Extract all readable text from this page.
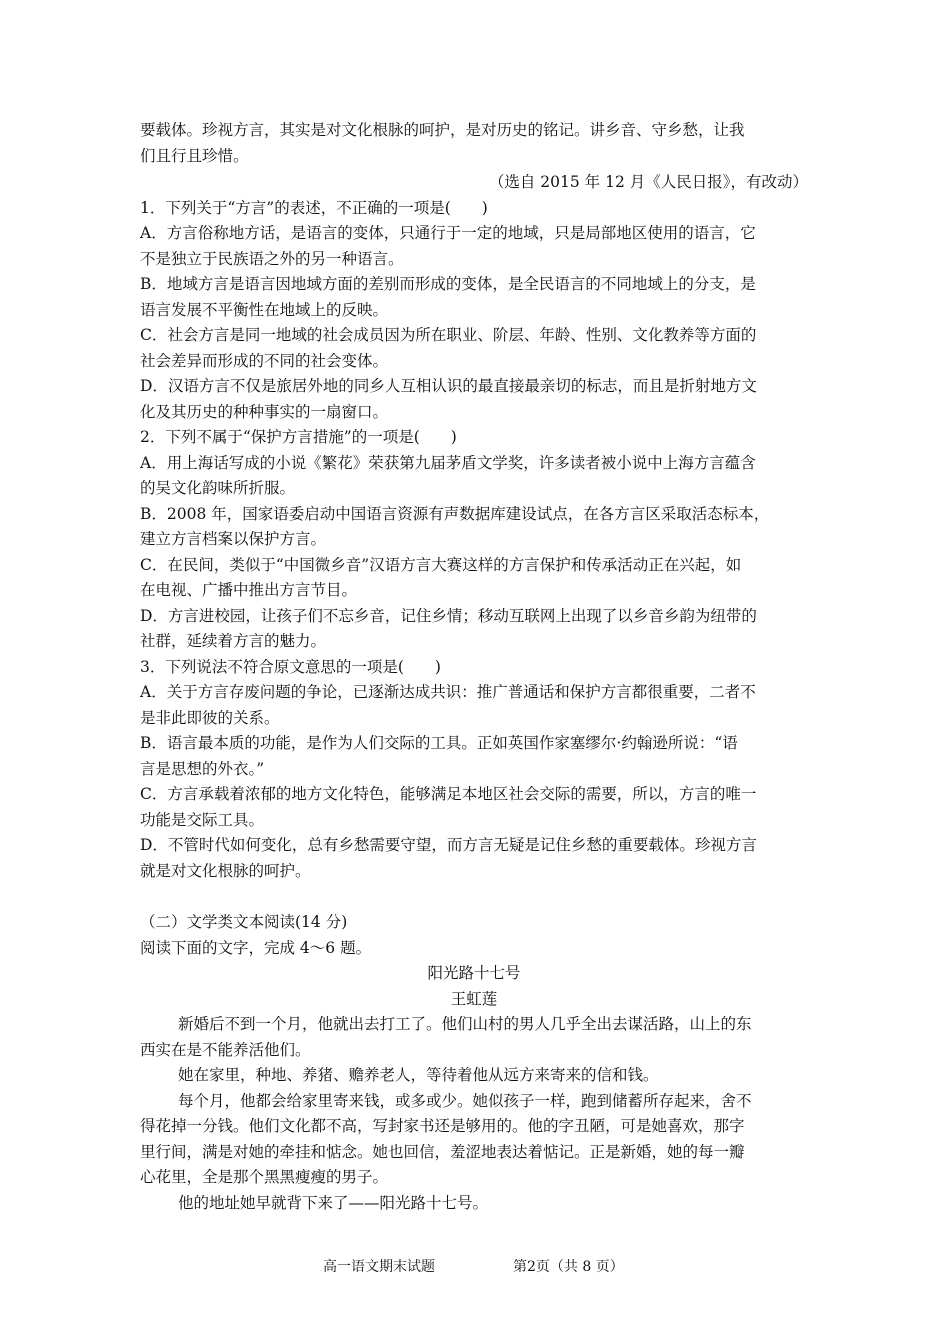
要载体。珍视方言，其实是对文化根脉的呵护，是对历史的铭记。讲乡音、守乡愁，让我
们且行且珍惜。
（选自 2015 年 12 月《人民日报》，有改动）
1．下列关于“方言”的表述，不正确的一项是(　　)
A．方言俗称地方话，是语言的变体，只通行于一定的地域，只是局部地区使用的语言，它
不是独立于民族语之外的另一种语言。
B．地域方言是语言因地域方面的差别而形成的变体，是全民语言的不同地域上的分支，是
语言发展不平衡性在地域上的反映。
C．社会方言是同一地域的社会成员因为所在职业、阶层、年龄、性别、文化教养等方面的
社会差异而形成的不同的社会变体。
D．汉语方言不仅是旅居外地的同乡人互相认识的最直接最亲切的标志，而且是折射地方文
化及其历史的种种事实的一扇窗口。
2．下列不属于“保护方言措施”的一项是(　　)
A．用上海话写成的小说《繁花》荣获第九届茅盾文学奖，许多读者被小说中上海方言蕴含
的吴文化韵味所折服。
B．2008 年，国家语委启动中国语言资源有声数据库建设试点，在各方言区采取活态标本，
建立方言档案以保护方言。
C．在民间，类似于“中国微乡音”汉语方言大赛这样的方言保护和传承活动正在兴起，如
在电视、广播中推出方言节目。
D．方言进校园，让孩子们不忘乡音，记住乡情；移动互联网上出现了以乡音乡韵为纽带的
社群，延续着方言的魅力。
3．下列说法不符合原文意思的一项是(　　)
A．关于方言存废问题的争论，已逐渐达成共识：推广普通话和保护方言都很重要，二者不
是非此即彼的关系。
B．语言最本质的功能，是作为人们交际的工具。正如英国作家塞缪尔·约翰逊所说：“语
言是思想的外衣。”
C．方言承载着浓郁的地方文化特色，能够满足本地区社会交际的需要，所以，方言的唯一
功能是交际工具。
D．不管时代如何变化，总有乡愁需要守望，而方言无疑是记住乡愁的重要载体。珍视方言
就是对文化根脉的呵护。
（二）文学类文本阅读(14 分)
阅读下面的文字，完成 4～6 题。
阳光路十七号
王虹莲
新婚后不到一个月，他就出去打工了。他们山村的男人几乎全出去谋活路，山上的东
西实在是不能养活他们。
她在家里，种地、养猪、赡养老人，等待着他从远方来寄来的信和钱。
每个月，他都会给家里寄来钱，或多或少。她似孩子一样，跑到储蓄所存起来，舍不
得花掉一分钱。他们文化都不高，写封家书还是够用的。他的字丑陋，可是她喜欢，那字
里行间，满是对她的牵挂和惦念。她也回信，羞涩地表达着惦记。正是新婚，她的每一瓣
心花里，全是那个黑黑瘦瘦的男子。
他的地址她早就背下来了——阳光路十七号。
高一语文期末试题	第2页（共 8 页）
